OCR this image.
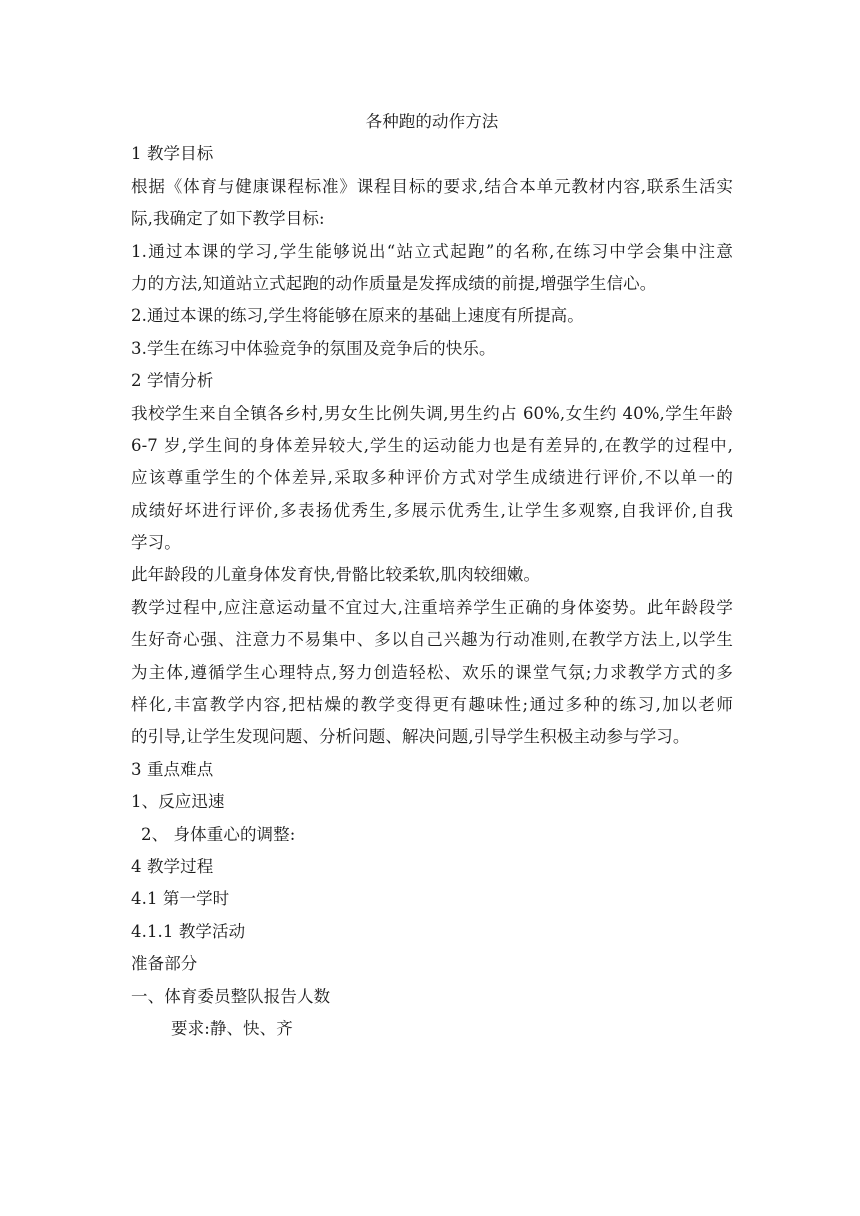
各种跑的动作方法
1 教学目标
根据《体育与健康课程标准》课程目标的要求,结合本单元教材内容,联系生活实
际,我确定了如下教学目标:
1.通过本课的学习,学生能够说出“站立式起跑”的名称,在练习中学会集中注意
力的方法,知道站立式起跑的动作质量是发挥成绩的前提,增强学生信心。
2.通过本课的练习,学生将能够在原来的基础上速度有所提高。
3.学生在练习中体验竞争的氛围及竞争后的快乐。
2 学情分析
我校学生来自全镇各乡村,男女生比例失调,男生约占 60%,女生约 40%,学生年龄
6-7 岁,学生间的身体差异较大,学生的运动能力也是有差异的,在教学的过程中,
应该尊重学生的个体差异,采取多种评价方式对学生成绩进行评价,不以单一的
成绩好坏进行评价,多表扬优秀生,多展示优秀生,让学生多观察,自我评价,自我
学习。
此年龄段的儿童身体发育快,骨骼比较柔软,肌肉较细嫩。
教学过程中,应注意运动量不宜过大,注重培养学生正确的身体姿势。此年龄段学
生好奇心强、注意力不易集中、多以自己兴趣为行动准则,在教学方法上,以学生
为主体,遵循学生心理特点,努力创造轻松、欢乐的课堂气氛;力求教学方式的多
样化,丰富教学内容,把枯燥的教学变得更有趣味性;通过多种的练习,加以老师
的引导,让学生发现问题、分析问题、解决问题,引导学生积极主动参与学习。
3 重点难点
1、反应迅速
2、 身体重心的调整:
4 教学过程
4.1 第一学时
4.1.1 教学活动
准备部分
一、体育委员整队报告人数
要求:静、快、齐
